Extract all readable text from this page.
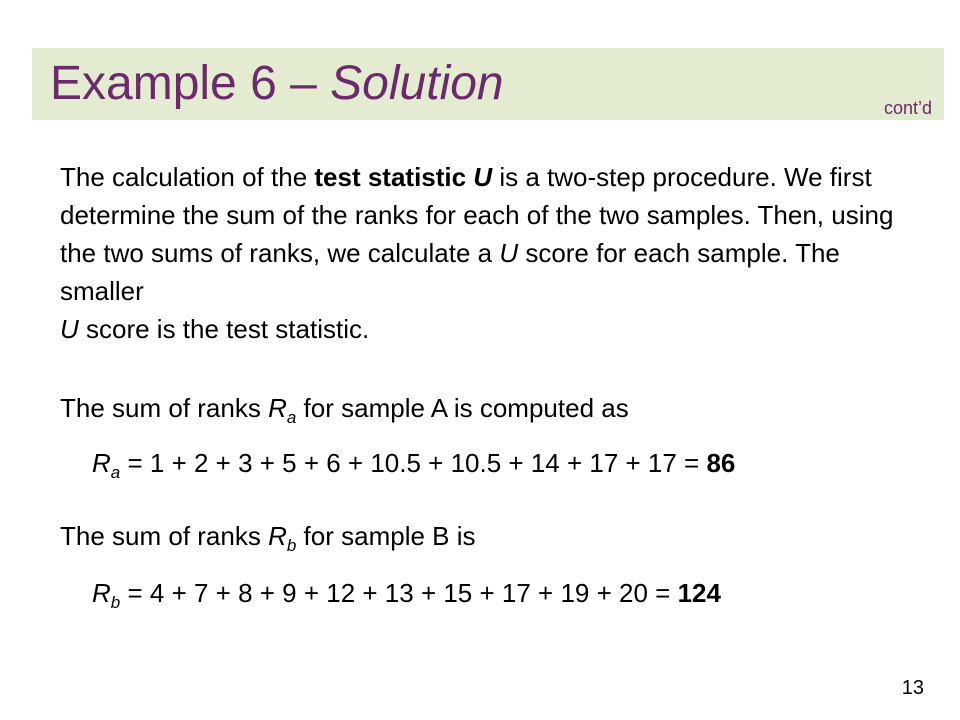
Example 6 – Solution	cont’d
The calculation of the test statistic U is a two-step procedure. We first determine the sum of the ranks for each of the two samples. Then, using the two sums of ranks, we calculate a U score for each sample. The smaller
U score is the test statistic.
The sum of ranks $R_a$ for sample A is computed as
$R_a = 1 + 2 + 3 + 5 + 6 + 10.5 + 10.5 + 14 + 17 + 17 = 86$
The sum of ranks $R_b$ for sample B is
$R_b = 4 + 7 + 8 + 9 + 12 + 13 + 15 + 17 + 19 + 20 = 124$
13
